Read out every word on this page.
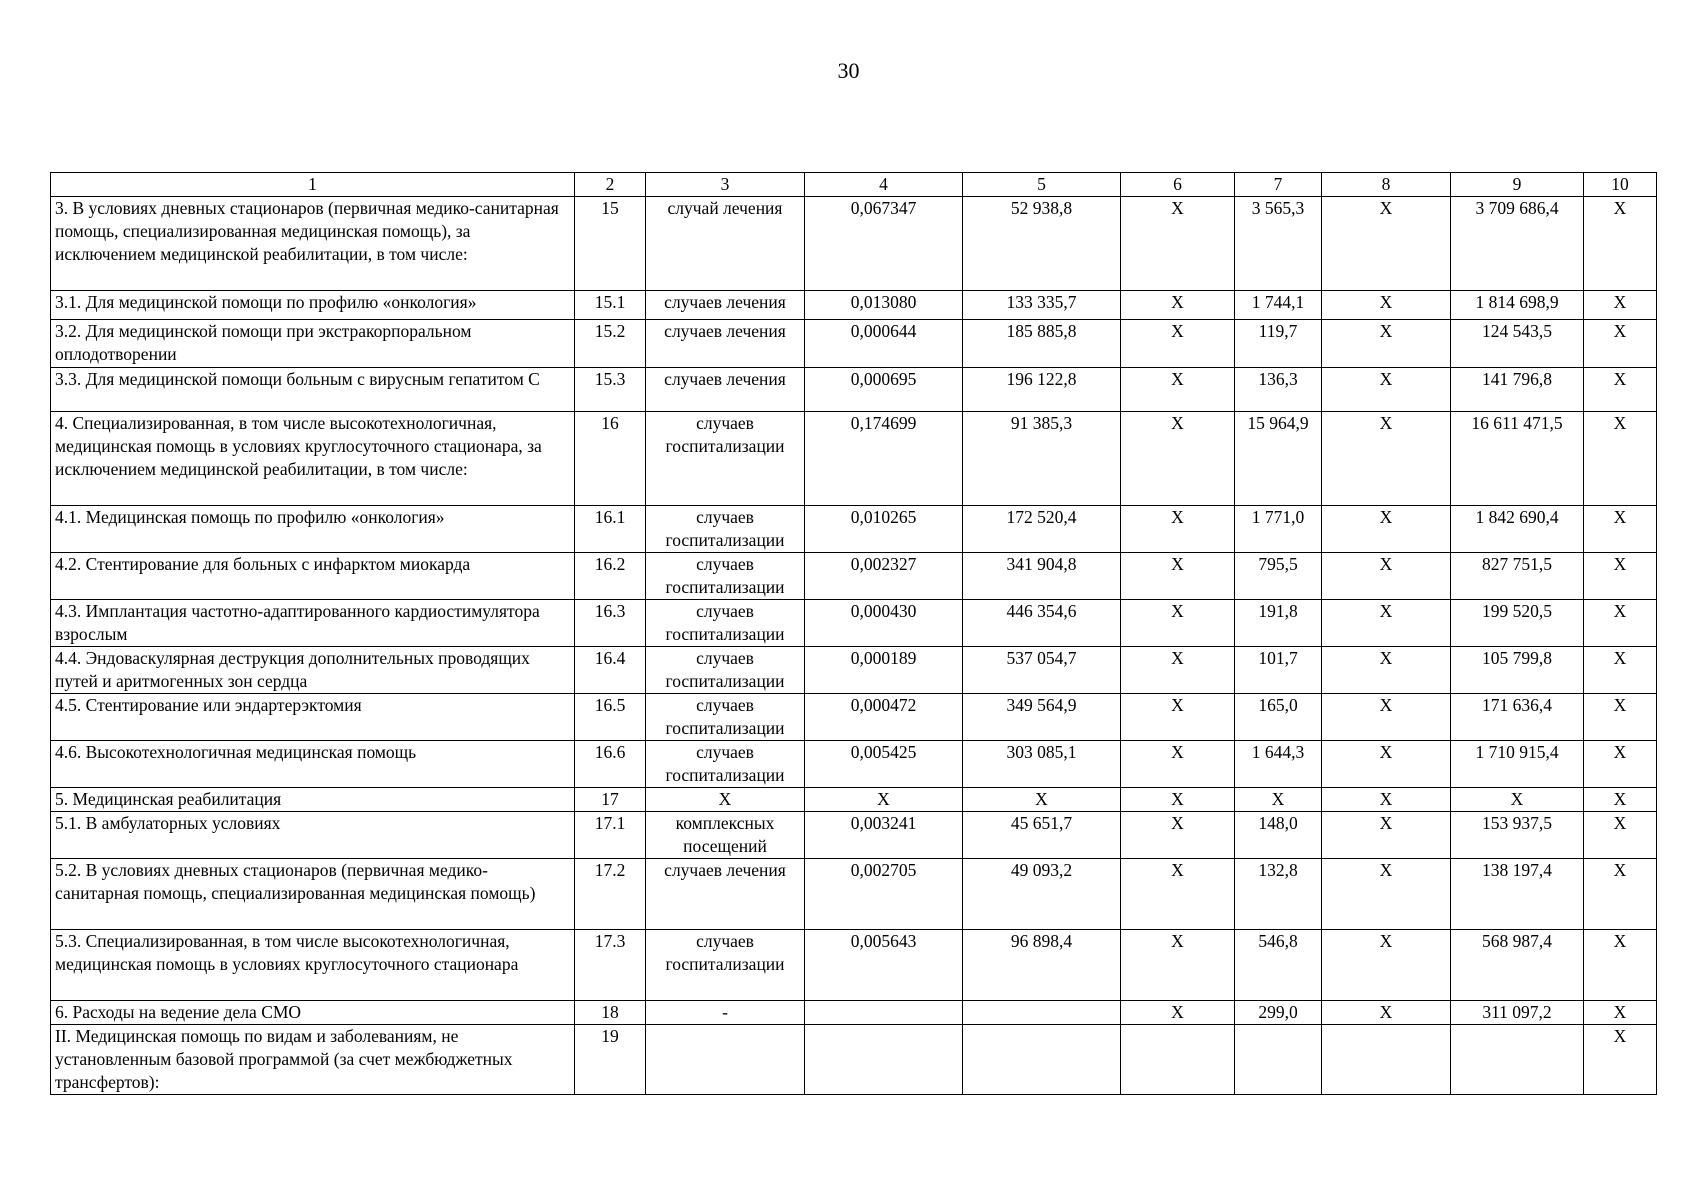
30
1	2	3	4	5	6	7	8	9	10
3. В условиях дневных стационаров (первичная медико-санитарная помощь, специализированная медицинская помощь), за исключением медицинской реабилитации, в том числе:	15	случай лечения	0,067347	52 938,8	Х	3 565,3	Х	3 709 686,4	Х
3.1. Для медицинской помощи по профилю «онкология»	15.1	случаев лечения	0,013080	133 335,7	Х	1 744,1	Х	1 814 698,9	Х
3.2. Для медицинской помощи при экстракорпоральном оплодотворении	15.2	случаев лечения	0,000644	185 885,8	Х	119,7	Х	124 543,5	Х
3.3. Для медицинской помощи больным с вирусным гепатитом С	15.3	случаев лечения	0,000695	196 122,8	Х	136,3	Х	141 796,8	Х
4. Специализированная, в том числе высокотехнологичная, медицинская помощь в условиях круглосуточного стационара, за исключением медицинской реабилитации, в том числе:	16	случаев госпитализации	0,174699	91 385,3	Х	15 964,9	Х	16 611 471,5	Х
4.1. Медицинская помощь по профилю «онкология»	16.1	случаев госпитализации	0,010265	172 520,4	Х	1 771,0	Х	1 842 690,4	Х
4.2. Стентирование для больных с инфарктом миокарда	16.2	случаев госпитализации	0,002327	341 904,8	Х	795,5	Х	827 751,5	Х
4.3. Имплантация частотно-адаптированного кардиостимулятора взрослым	16.3	случаев госпитализации	0,000430	446 354,6	Х	191,8	Х	199 520,5	Х
4.4. Эндоваскулярная деструкция дополнительных проводящих путей и аритмогенных зон сердца	16.4	случаев госпитализации	0,000189	537 054,7	Х	101,7	Х	105 799,8	Х
4.5. Стентирование или эндартерэктомия	16.5	случаев госпитализации	0,000472	349 564,9	Х	165,0	Х	171 636,4	Х
4.6. Высокотехнологичная медицинская помощь	16.6	случаев госпитализации	0,005425	303 085,1	Х	1 644,3	Х	1 710 915,4	Х
5. Медицинская реабилитация	17	Х	Х	Х	Х	Х	Х	Х	Х
5.1. В амбулаторных условиях	17.1	комплексных посещений	0,003241	45 651,7	Х	148,0	Х	153 937,5	Х
5.2. В условиях дневных стационаров (первичная медико-санитарная помощь, специализированная медицинская помощь)	17.2	случаев лечения	0,002705	49 093,2	Х	132,8	Х	138 197,4	Х
5.3. Специализированная, в том числе высокотехнологичная, медицинская помощь в условиях круглосуточного стационара	17.3	случаев госпитализации	0,005643	96 898,4	Х	546,8	Х	568 987,4	Х
6. Расходы на ведение дела СМО	18	-			Х	299,0	Х	311 097,2	Х
II. Медицинская помощь по видам и заболеваниям, не установленным базовой программой (за счет межбюджетных трансфертов):	19								Х
